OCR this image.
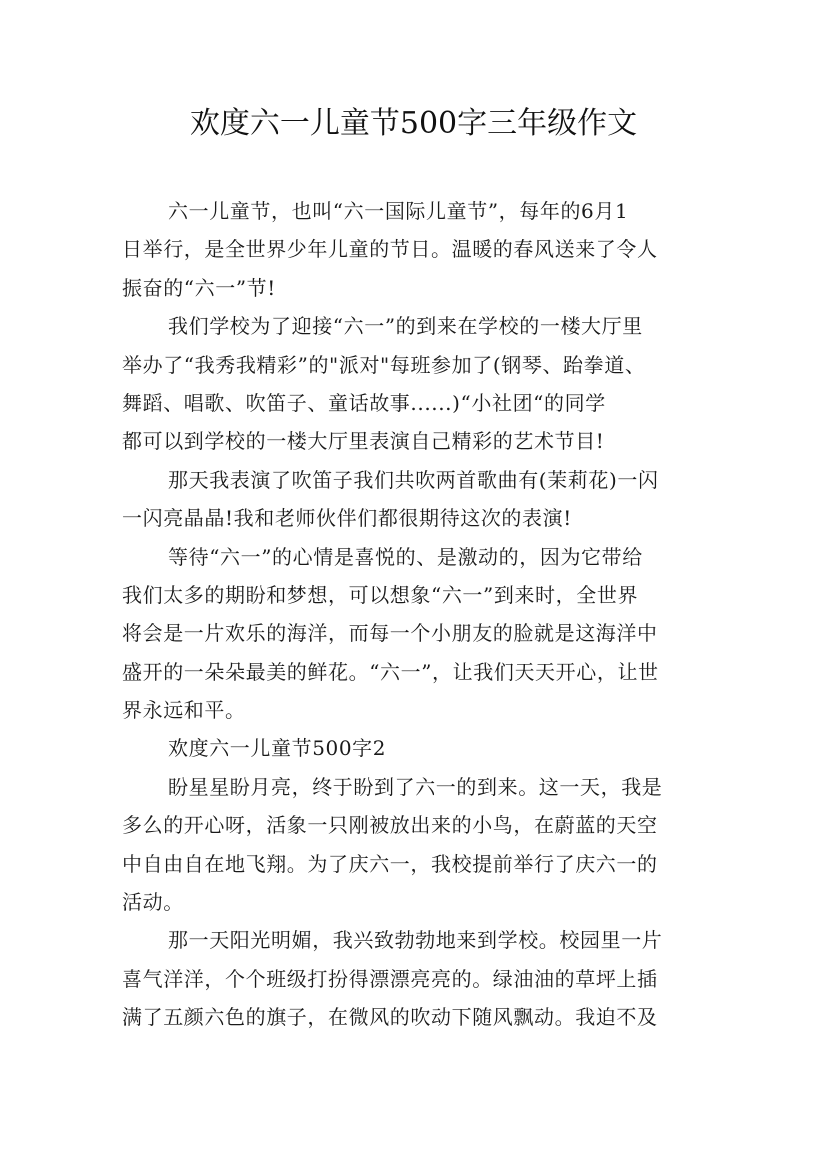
欢度六一儿童节500字三年级作文
六一儿童节，也叫“六一国际儿童节”，每年的6月1
日举行，是全世界少年儿童的节日。温暖的春风送来了令人
振奋的“六一”节!
我们学校为了迎接“六一”的到来在学校的一楼大厅里
举办了“我秀我精彩”的"派对"每班参加了(钢琴、跆拳道、
舞蹈、唱歌、吹笛子、童话故事......)“小社团“的同学
都可以到学校的一楼大厅里表演自己精彩的艺术节目!
那天我表演了吹笛子我们共吹两首歌曲有(茉莉花)一闪
一闪亮晶晶!我和老师伙伴们都很期待这次的表演!
等待“六一”的心情是喜悦的、是激动的，因为它带给
我们太多的期盼和梦想，可以想象“六一”到来时，全世界
将会是一片欢乐的海洋，而每一个小朋友的脸就是这海洋中
盛开的一朵朵最美的鲜花。“六一”，让我们天天开心，让世
界永远和平。
欢度六一儿童节500字2
盼星星盼月亮，终于盼到了六一的到来。这一天，我是
多么的开心呀，活象一只刚被放出来的小鸟，在蔚蓝的天空
中自由自在地飞翔。为了庆六一，我校提前举行了庆六一的
活动。
那一天阳光明媚，我兴致勃勃地来到学校。校园里一片
喜气洋洋，个个班级打扮得漂漂亮亮的。绿油油的草坪上插
满了五颜六色的旗子，在微风的吹动下随风飘动。我迫不及
